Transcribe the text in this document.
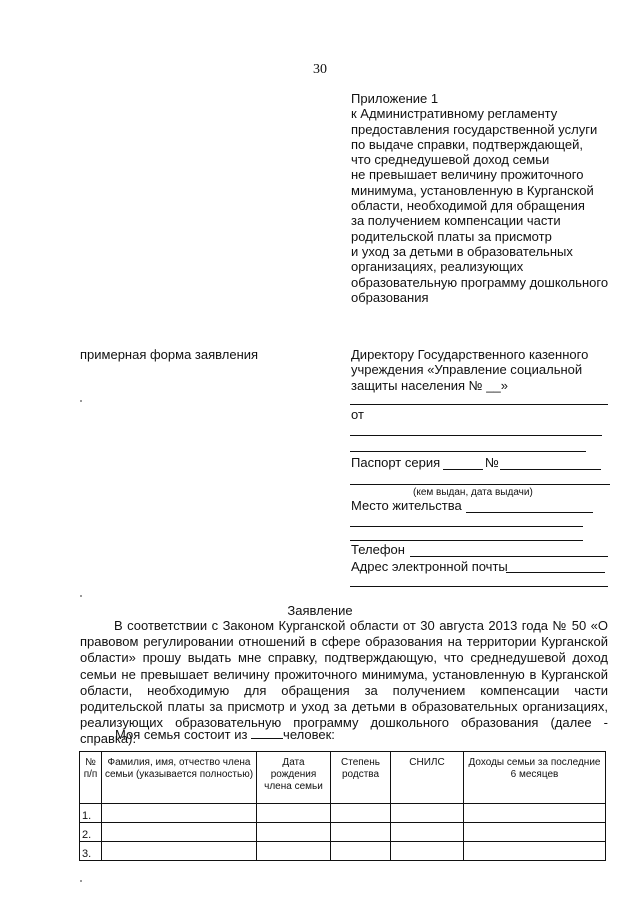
30
Приложение 1
к Административному регламенту
предоставления государственной услуги
по выдаче справки, подтверждающей,
что среднедушевой доход семьи
не превышает величину прожиточного
минимума, установленную в Курганской
области, необходимой для обращения
за получением компенсации части
родительской платы за присмотр
и уход за детьми в образовательных
организациях, реализующих
образовательную программу дошкольного
образования
примерная форма заявления	Директору Государственного казенного
учреждения «Управление социальной
защиты населения № __»
от
Паспорт серия	№
(кем выдан, дата выдачи)
Место жительства
Телефон
Адрес электронной почты
Заявление
В соответствии с Законом Курганской области от 30 августа 2013 года № 50 «О правовом регулировании отношений в сфере образования на территории Курганской области» прошу выдать мне справку, подтверждающую, что среднедушевой доход семьи не превышает величину прожиточного минимума, установленную в Курганской области, необходимую для обращения за получением компенсации части родительской платы за присмотр и уход за детьми в образовательных организациях, реализующих образовательную программу дошкольного образования (далее - справка).
Моя семья состоит из	человек:
№ п/п	Фамилия, имя, отчество члена семьи (указывается полностью)	Дата рождения члена семьи	Степень родства	СНИЛС	Доходы семьи за последние 6 месяцев
1.					
2.					
3.					
